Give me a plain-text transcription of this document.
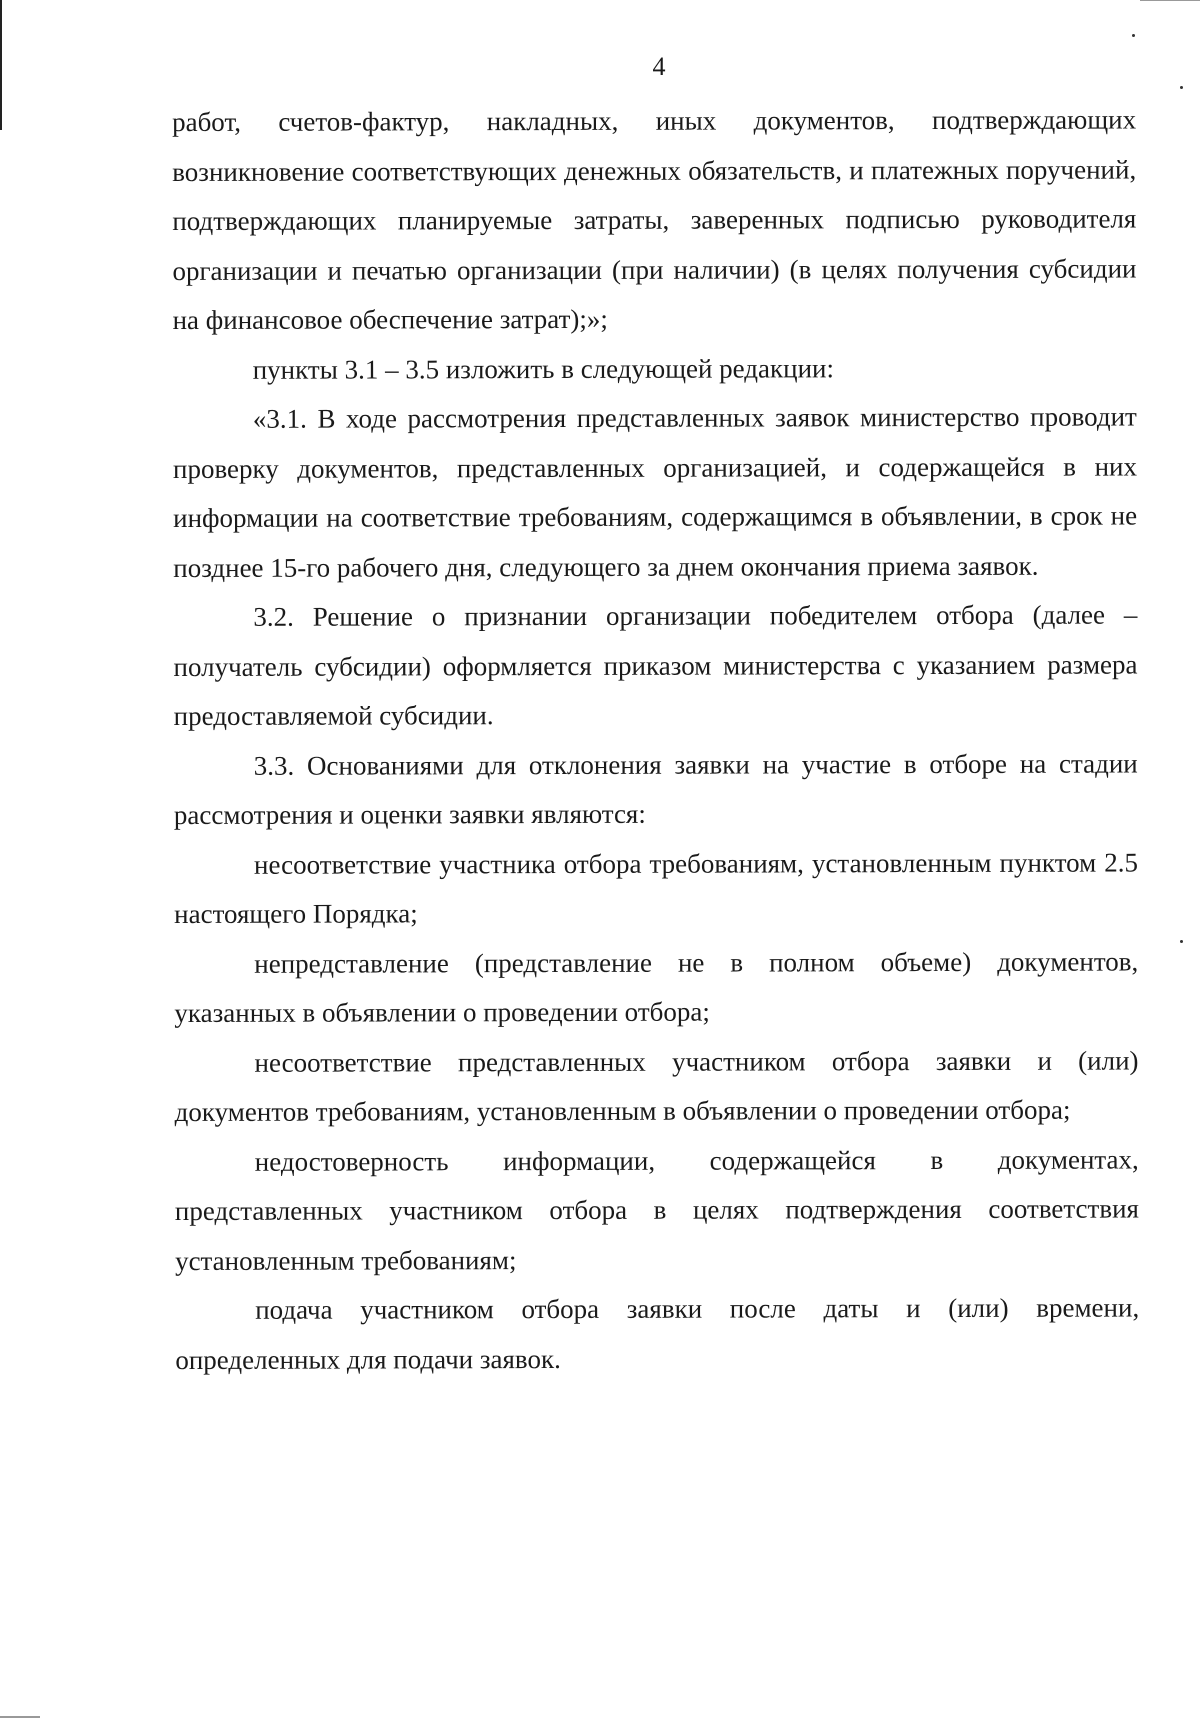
4

работ, счетов-фактур, накладных, иных документов, подтверждающих возникновение соответствующих денежных обязательств, и платежных поручений, подтверждающих планируемые затраты, заверенных подписью руководителя организации и печатью организации (при наличии) (в целях получения субсидии на финансовое обеспечение затрат);»;

пункты 3.1 – 3.5 изложить в следующей редакции:

«3.1. В ходе рассмотрения представленных заявок министерство проводит проверку документов, представленных организацией, и содержащейся в них информации на соответствие требованиям, содержащимся в объявлении, в срок не позднее 15-го рабочего дня, следующего за днем окончания приема заявок.

3.2. Решение о признании организации победителем отбора (далее – получатель субсидии) оформляется приказом министерства с указанием размера предоставляемой субсидии.

3.3. Основаниями для отклонения заявки на участие в отборе на стадии рассмотрения и оценки заявки являются:

несоответствие участника отбора требованиям, установленным пунктом 2.5 настоящего Порядка;

непредставление (представление не в полном объеме) документов, указанных в объявлении о проведении отбора;

несоответствие представленных участником отбора заявки и (или) документов требованиям, установленным в объявлении о проведении отбора;

недостоверность информации, содержащейся в документах, представленных участником отбора в целях подтверждения соответствия установленным требованиям;

подача участником отбора заявки после даты и (или) времени, определенных для подачи заявок.
